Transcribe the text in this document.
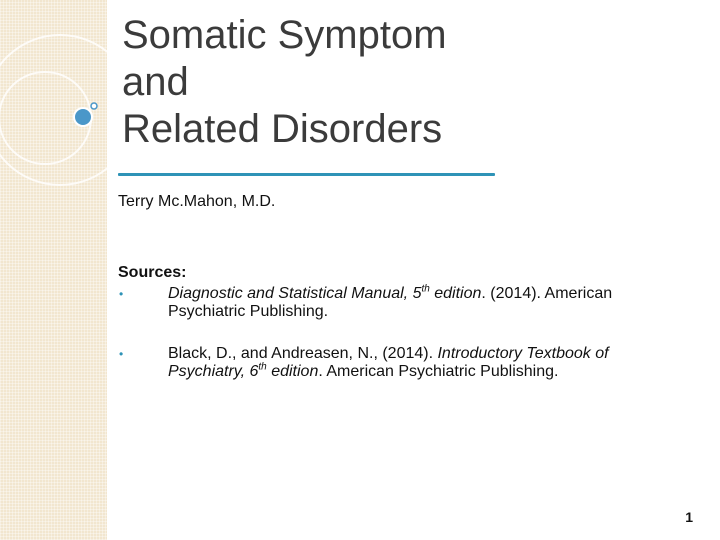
Somatic Symptom
and
Related Disorders
Terry Mc.Mahon, M.D.
Sources:
•	Diagnostic and Statistical Manual, 5th edition. (2014). American Psychiatric Publishing.
•	Black, D., and Andreasen, N., (2014). Introductory Textbook of Psychiatry, 6th edition. American Psychiatric Publishing.
1
